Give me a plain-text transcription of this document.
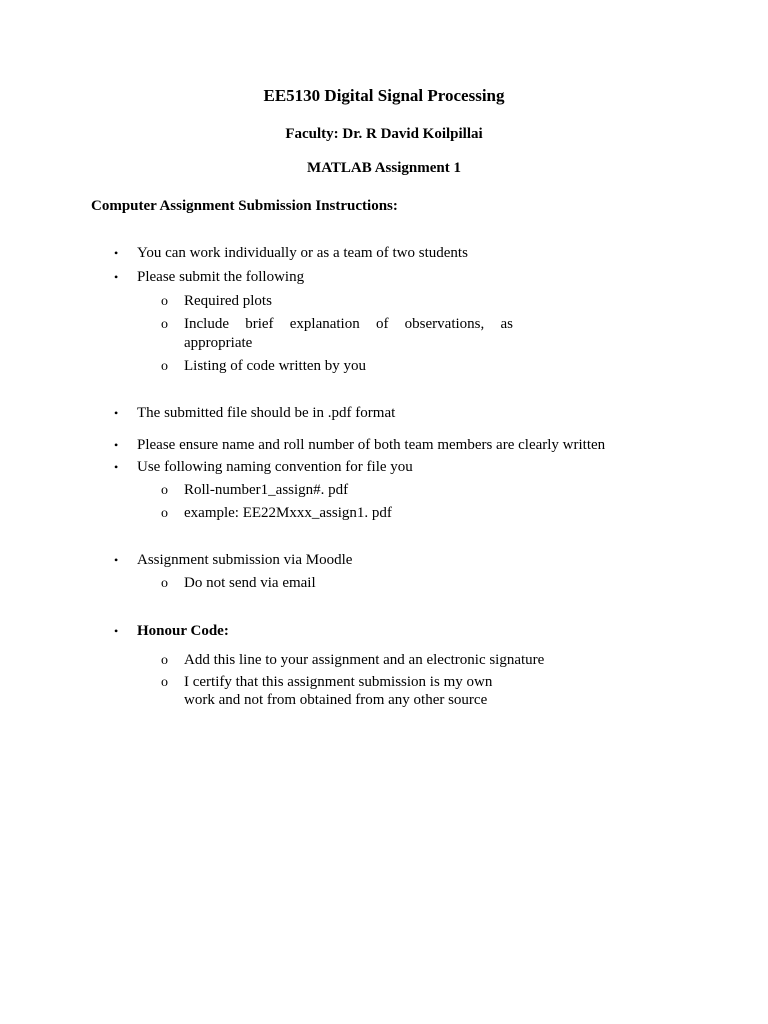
EE5130 Digital Signal Processing
Faculty: Dr. R David Koilpillai
MATLAB Assignment 1
Computer Assignment Submission Instructions:
• You can work individually or as a team of two students
• Please submit the following
o Required plots
o Include brief explanation of observations, as
appropriate
o Listing of code written by you
• The submitted file should be in .pdf format
• Please ensure name and roll number of both team members are clearly written
• Use following naming convention for file you
o Roll-number1_assign#. pdf
o example: EE22Mxxx_assign1. pdf
• Assignment submission via Moodle
o Do not send via email
• Honour Code:
o Add this line to your assignment and an electronic signature
o I certify that this assignment submission is my own
work and not from obtained from any other source
